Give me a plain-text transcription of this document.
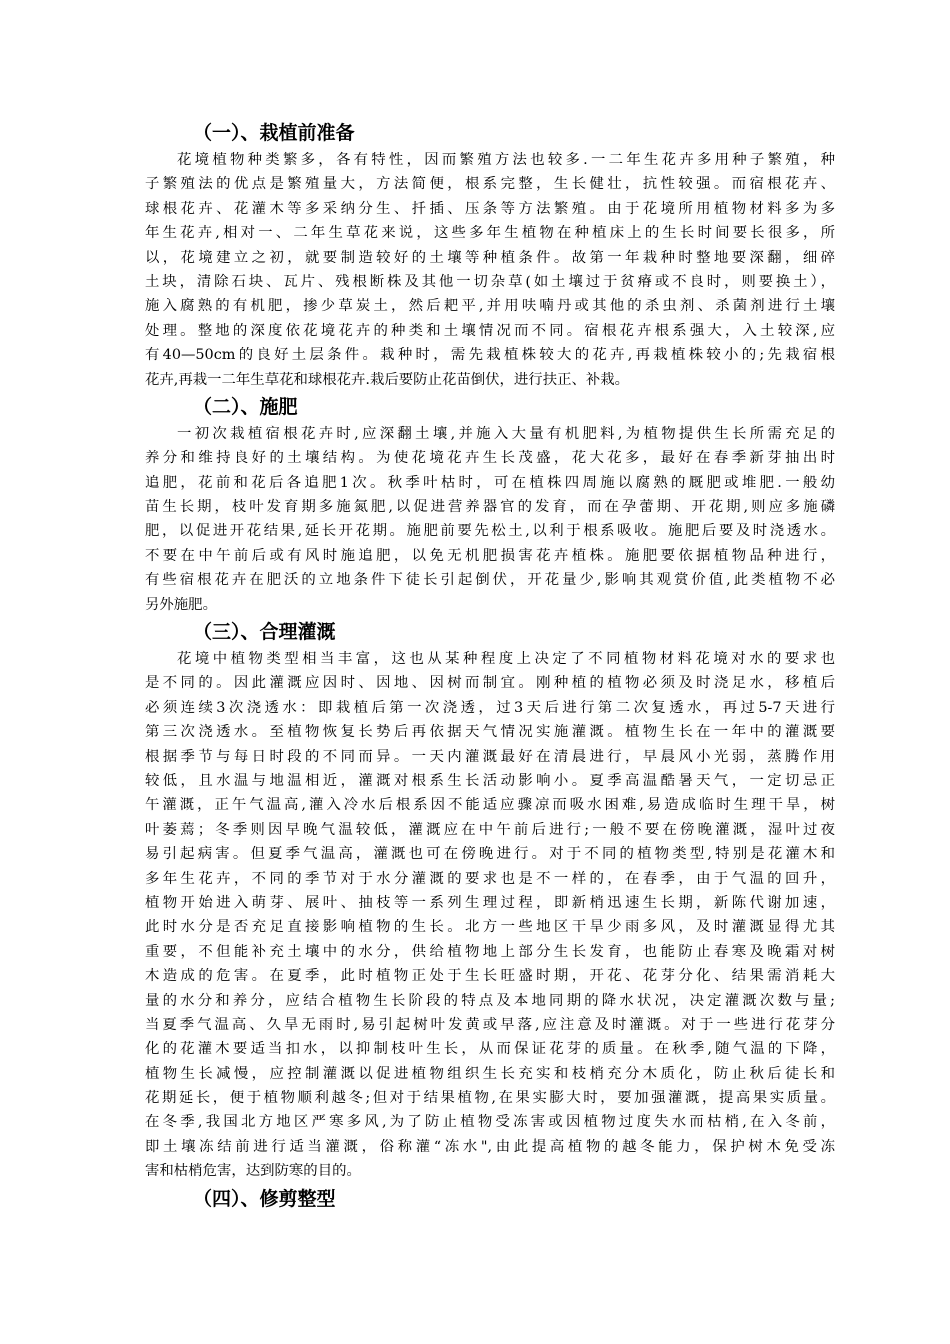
（一）、栽植前准备
花境植物种类繁多，各有特性，因而繁殖方法也较多.一二年生花卉多用种子繁殖，种
子繁殖法的优点是繁殖量大，方法简便，根系完整，生长健壮，抗性较强。而宿根花卉、
球根花卉、花灌木等多采纳分生、扦插、压条等方法繁殖。由于花境所用植物材料多为多
年生花卉,相对一、二年生草花来说，这些多年生植物在种植床上的生长时间要长很多，所
以，花境建立之初，就要制造较好的土壤等种植条件。故第一年栽种时整地要深翻，细碎
土块，清除石块、瓦片、残根断株及其他一切杂草(如土壤过于贫瘠或不良时，则要换土），
施入腐熟的有机肥，掺少草炭土，然后耙平,并用呋喃丹或其他的杀虫剂、杀菌剂进行土壤
处理。整地的深度依花境花卉的种类和土壤情况而不同。宿根花卉根系强大，入土较深,应
有40—50cm的良好土层条件。栽种时，需先栽植株较大的花卉,再栽植株较小的;先栽宿根
花卉,再栽一二年生草花和球根花卉.栽后要防止花苗倒伏，进行扶正、补栽。
（二）、施肥
一初次栽植宿根花卉时,应深翻土壤,并施入大量有机肥料,为植物提供生长所需充足的
养分和维持良好的土壤结构。为使花境花卉生长茂盛，花大花多，最好在春季新芽抽出时
追肥，花前和花后各追肥1次。秋季叶枯时，可在植株四周施以腐熟的厩肥或堆肥.一般幼
苗生长期，枝叶发育期多施氮肥,以促进营养器官的发育，而在孕蕾期、开花期,则应多施磷
肥，以促进开花结果,延长开花期。施肥前要先松土,以利于根系吸收。施肥后要及时浇透水。
不要在中午前后或有风时施追肥，以免无机肥损害花卉植株。施肥要依据植物品种进行，
有些宿根花卉在肥沃的立地条件下徒长引起倒伏，开花量少,影响其观赏价值,此类植物不必
另外施肥。
（三）、合理灌溉
花境中植物类型相当丰富，这也从某种程度上决定了不同植物材料花境对水的要求也
是不同的。因此灌溉应因时、因地、因树而制宜。刚种植的植物必须及时浇足水，移植后
必须连续3次浇透水：即栽植后第一次浇透，过3天后进行第二次复透水，再过5-7天进行
第三次浇透水。至植物恢复长势后再依据天气情况实施灌溉。植物生长在一年中的灌溉要
根据季节与每日时段的不同而异。一天内灌溉最好在清晨进行，早晨风小光弱，蒸腾作用
较低，且水温与地温相近，灌溉对根系生长活动影响小。夏季高温酷暑天气，一定切忌正
午灌溉，正午气温高,灌入冷水后根系因不能适应骤凉而吸水困难,易造成临时生理干旱，树
叶萎蔫；冬季则因早晚气温较低，灌溉应在中午前后进行;一般不要在傍晚灌溉，湿叶过夜
易引起病害。但夏季气温高，灌溉也可在傍晚进行。对于不同的植物类型,特别是花灌木和
多年生花卉，不同的季节对于水分灌溉的要求也是不一样的，在春季，由于气温的回升，
植物开始进入萌芽、展叶、抽枝等一系列生理过程，即新梢迅速生长期，新陈代谢加速，
此时水分是否充足直接影响植物的生长。北方一些地区干旱少雨多风，及时灌溉显得尤其
重要，不但能补充土壤中的水分，供给植物地上部分生长发育，也能防止春寒及晚霜对树
木造成的危害。在夏季，此时植物正处于生长旺盛时期，开花、花芽分化、结果需消耗大
量的水分和养分，应结合植物生长阶段的特点及本地同期的降水状况，决定灌溉次数与量;
当夏季气温高、久旱无雨时,易引起树叶发黄或早落,应注意及时灌溉。对于一些进行花芽分
化的花灌木要适当扣水，以抑制枝叶生长，从而保证花芽的质量。在秋季,随气温的下降，
植物生长减慢，应控制灌溉以促进植物组织生长充实和枝梢充分木质化，防止秋后徒长和
花期延长，便于植物顺利越冬;但对于结果植物,在果实膨大时，要加强灌溉，提高果实质量。
在冬季,我国北方地区严寒多风,为了防止植物受冻害或因植物过度失水而枯梢,在入冬前，
即土壤冻结前进行适当灌溉，俗称灌“冻水",由此提高植物的越冬能力，保护树木免受冻
害和枯梢危害，达到防寒的目的。
（四）、修剪整型
